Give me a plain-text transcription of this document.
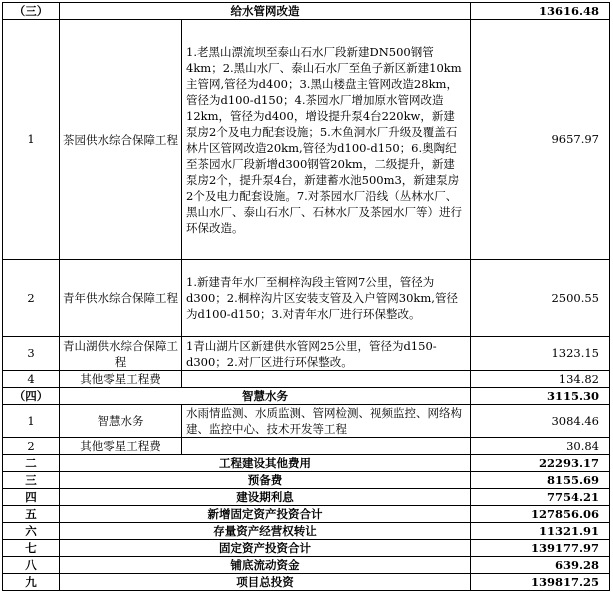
（三）	给水管网改造		13616.48
1	茶园供水综合保障工程	1.老黑山漂流坝至泰山石水厂段新建DN500钢管4km；2.黑山水厂、泰山石水厂至鱼子新区新建10km主管网,管径为d400；3.黑山楼盘主管网改造28km，管径为d100-d150；4.茶园水厂增加原水管网改造12km，管径为d400，增设提升泵4台220kw，新建泵房2个及电力配套设施；5.木鱼洞水厂升级及覆盖石林片区管网改造20km,管径为d100-d150；6.奥陶纪至茶园水厂段新增d300钢管20km，二级提升，新建泵房2个，提升泵4台，新建蓄水池500m3，新建泵房2个及电力配套设施。7.对茶园水厂沿线（丛林水厂、黑山水厂、泰山石水厂、石林水厂及茶园水厂等）进行环保改造。	9657.97
2	青年供水综合保障工程	1.新建青年水厂至桐梓沟段主管网7公里，管径为d300；2.桐梓沟片区安装支管及入户管网30km,管径为d100-d150；3.对青年水厂进行环保整改。	2500.55
3	青山湖供水综合保障工程	1青山湖片区新建供水管网25公里，管径为d150-d300；2.对厂区进行环保整改。	1323.15
4	其他零星工程费		134.82
（四）	智慧水务		3115.30
1	智慧水务	水雨情监测、水质监测、管网检测、视频监控、网络构建、监控中心、技术开发等工程	3084.46
2	其他零星工程费		30.84
二	工程建设其他费用		22293.17
三	预备费		8155.69
四	建设期利息		7754.21
五	新增固定资产投资合计		127856.06
六	存量资产经营权转让		11321.91
七	固定资产投资合计		139177.97
八	铺底流动资金		639.28
九	项目总投资		139817.25
